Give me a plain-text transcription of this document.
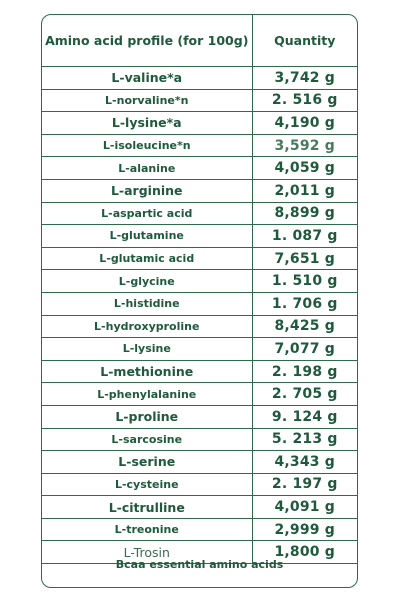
Amino acid profile (for 100g)	Quantity
L-valine*a	3,742 g
L-norvaline*n	2. 516 g
L-lysine*a	4,190 g
L-isoleucine*n	3,592 g
L-alanine	4,059 g
L-arginine	2,011 g
L-aspartic acid	8,899 g
L-glutamine	1. 087 g
L-glutamic acid	7,651 g
L-glycine	1. 510 g
L-histidine	1. 706 g
L-hydroxyproline	8,425 g
L-lysine	7,077 g
L-methionine	2. 198 g
L-phenylalanine	2. 705 g
L-proline	9. 124 g
L-sarcosine	5. 213 g
L-serine	4,343 g
L-cysteine	2. 197 g
L-citrulline	4,091 g
L-treonine	2,999 g
L-Trosin	1,800 g
Bcaa essential amino acids
